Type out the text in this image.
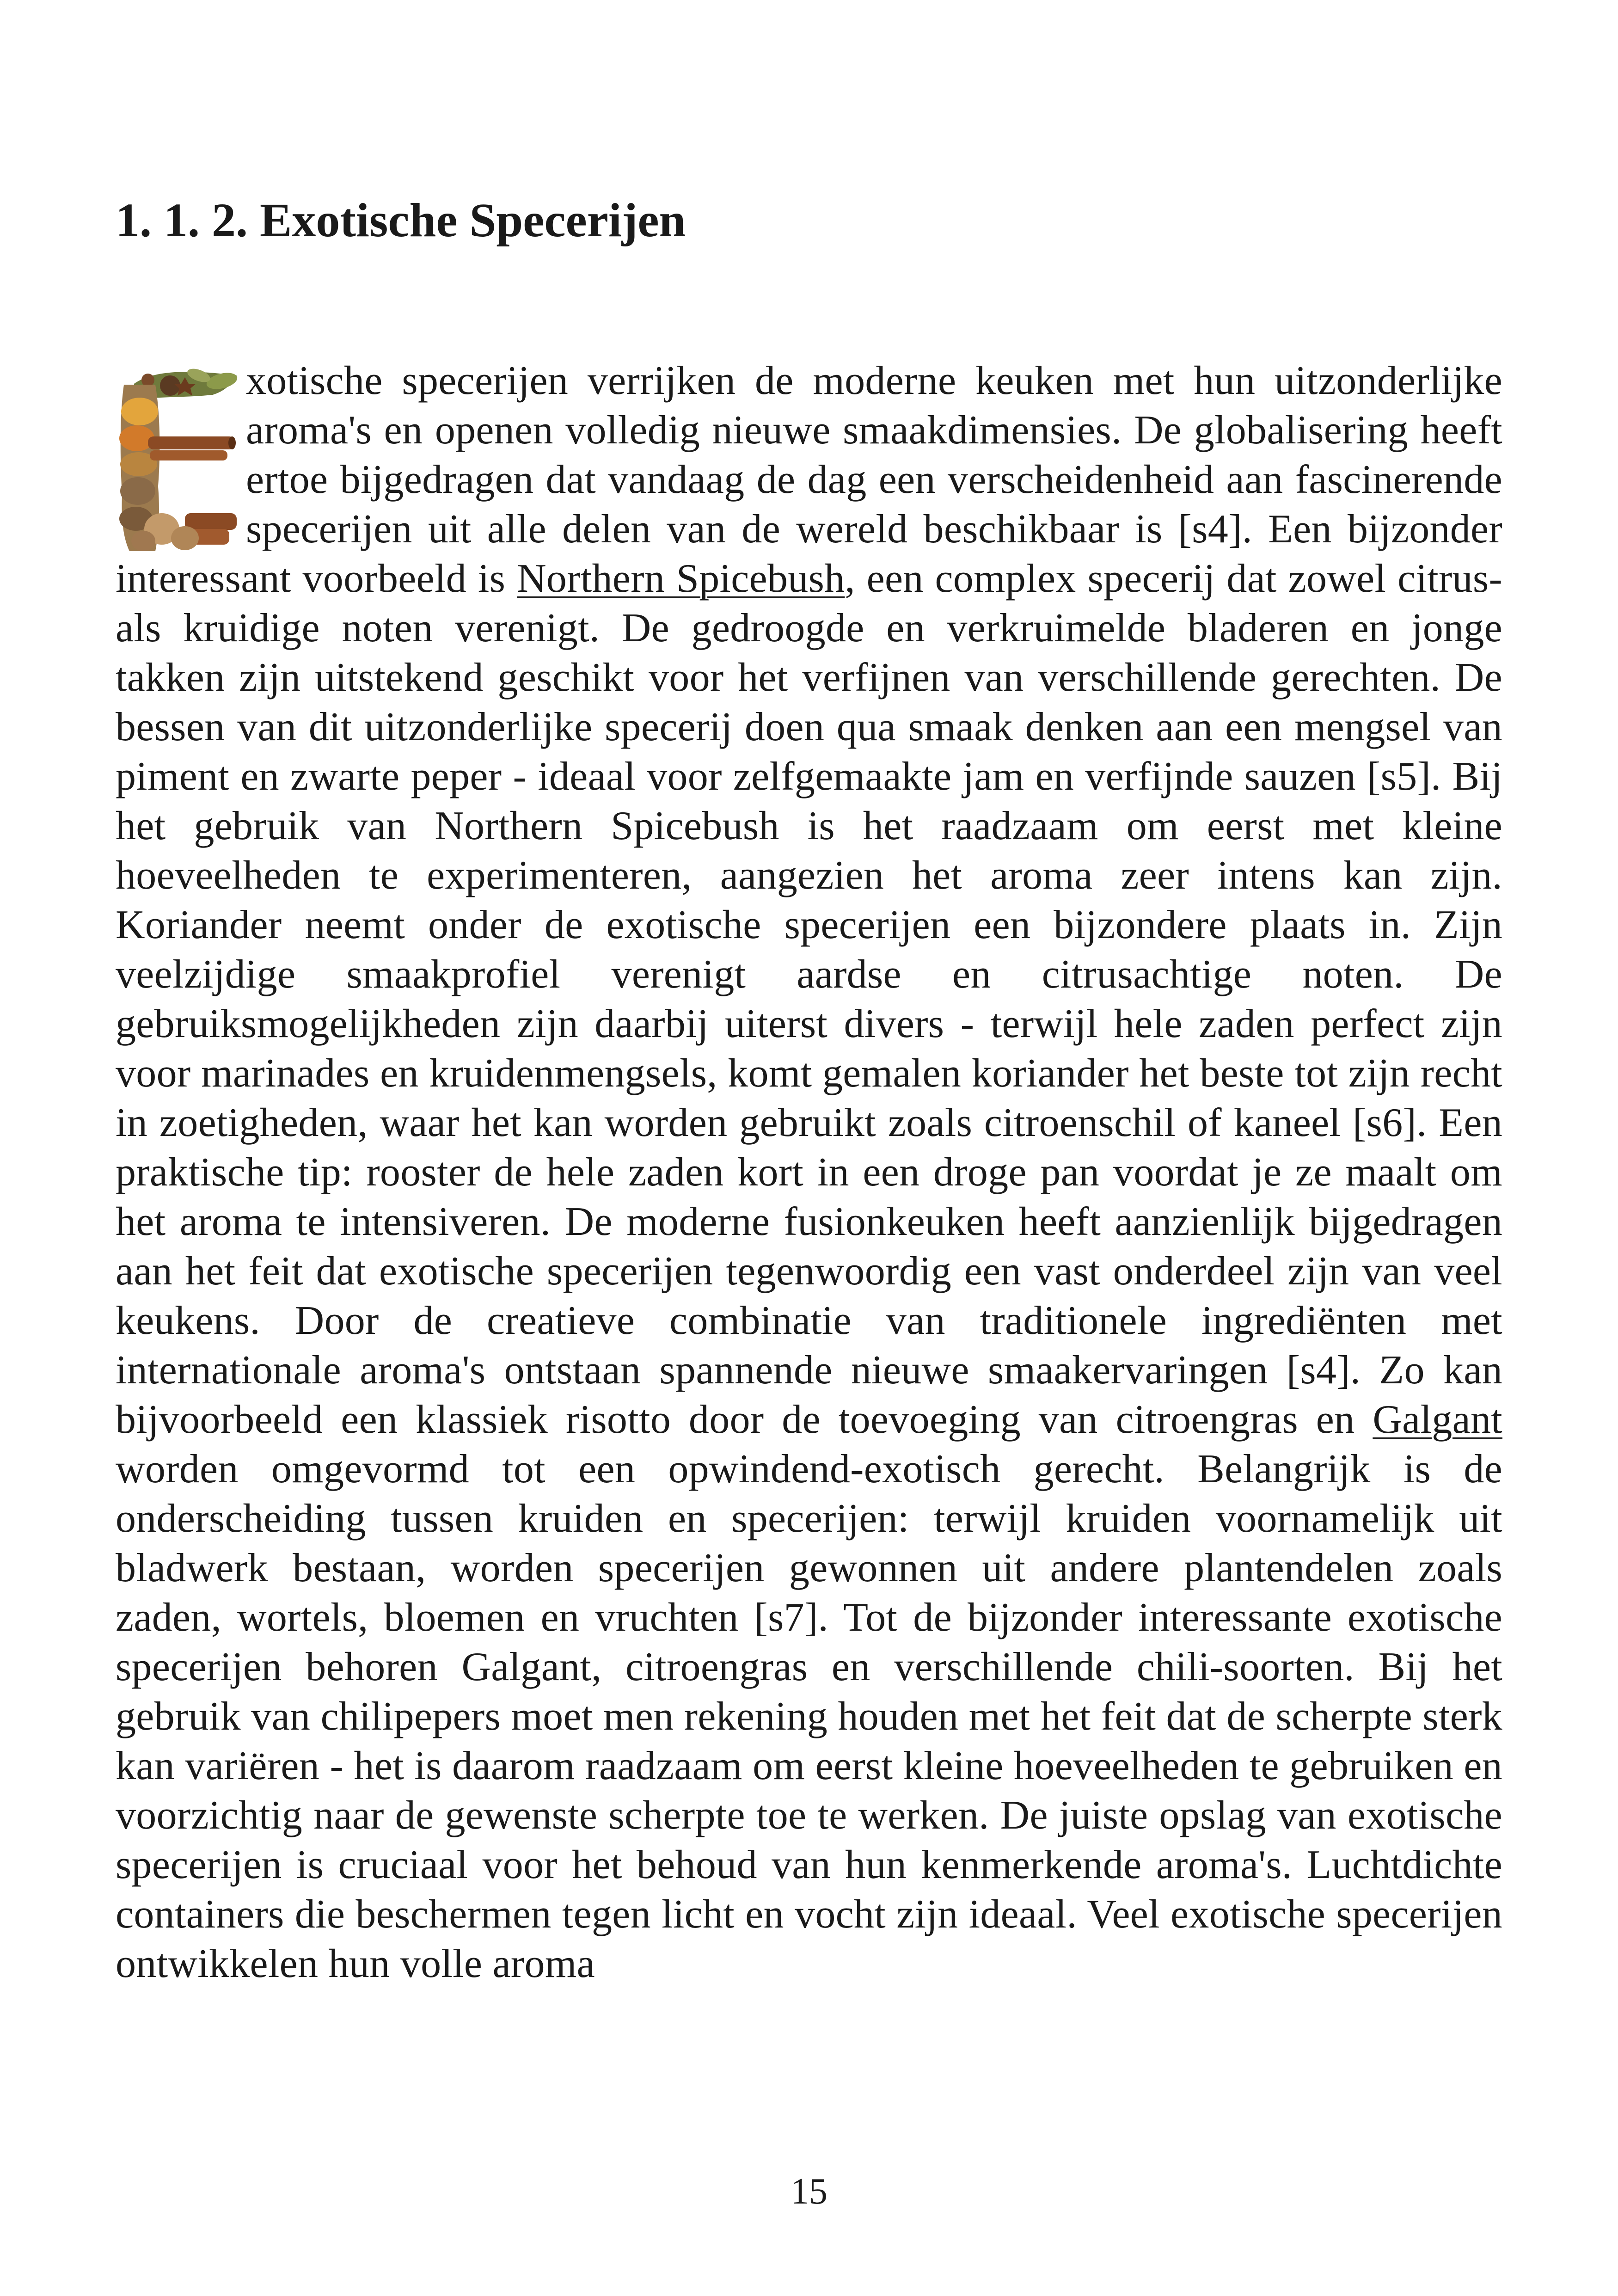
1. 1. 2. Exotische Specerijen

xotische specerijen verrijken de moderne keuken met hun uitzonderlijke aroma's en openen volledig nieuwe smaakdimensies. De globalisering heeft ertoe bijgedragen dat vandaag de dag een verscheidenheid aan fascinerende specerijen uit alle delen van de wereld beschikbaar is [s4]. Een bijzonder interessant voorbeeld is Northern Spicebush, een complex specerij dat zowel citrus- als kruidige noten verenigt. De gedroogde en verkruimelde bladeren en jonge takken zijn uitstekend geschikt voor het verfijnen van verschillende gerechten. De bessen van dit uitzonderlijke specerij doen qua smaak denken aan een mengsel van piment en zwarte peper - ideaal voor zelfgemaakte jam en verfijnde sauzen [s5]. Bij het gebruik van Northern Spicebush is het raadzaam om eerst met kleine hoeveelheden te experimenteren, aangezien het aroma zeer intens kan zijn. Koriander neemt onder de exotische specerijen een bijzondere plaats in. Zijn veelzijdige smaakprofiel verenigt aardse en citrusachtige noten. De gebruiksmogelijkheden zijn daarbij uiterst divers - terwijl hele zaden perfect zijn voor marinades en kruidenmengsels, komt gemalen koriander het beste tot zijn recht in zoetigheden, waar het kan worden gebruikt zoals citroenschil of kaneel [s6]. Een praktische tip: rooster de hele zaden kort in een droge pan voordat je ze maalt om het aroma te intensiveren. De moderne fusionkeuken heeft aanzienlijk bijgedragen aan het feit dat exotische specerijen tegenwoordig een vast onderdeel zijn van veel keukens. Door de creatieve combinatie van traditionele ingrediënten met internationale aroma's ontstaan spannende nieuwe smaakervaringen [s4]. Zo kan bijvoorbeeld een klassiek risotto door de toevoeging van citroengras en Galgant worden omgevormd tot een opwindend-exotisch gerecht. Belangrijk is de onderscheiding tussen kruiden en specerijen: terwijl kruiden voornamelijk uit bladwerk bestaan, worden specerijen gewonnen uit andere plantendelen zoals zaden, wortels, bloemen en vruchten [s7]. Tot de bijzonder interessante exotische specerijen behoren Galgant, citroengras en verschillende chili-soorten. Bij het gebruik van chilipepers moet men rekening houden met het feit dat de scherpte sterk kan variëren - het is daarom raadzaam om eerst kleine hoeveelheden te gebruiken en voorzichtig naar de gewenste scherpte toe te werken. De juiste opslag van exotische specerijen is cruciaal voor het behoud van hun kenmerkende aroma's. Luchtdichte containers die beschermen tegen licht en vocht zijn ideaal. Veel exotische specerijen ontwikkelen hun volle aroma

15
